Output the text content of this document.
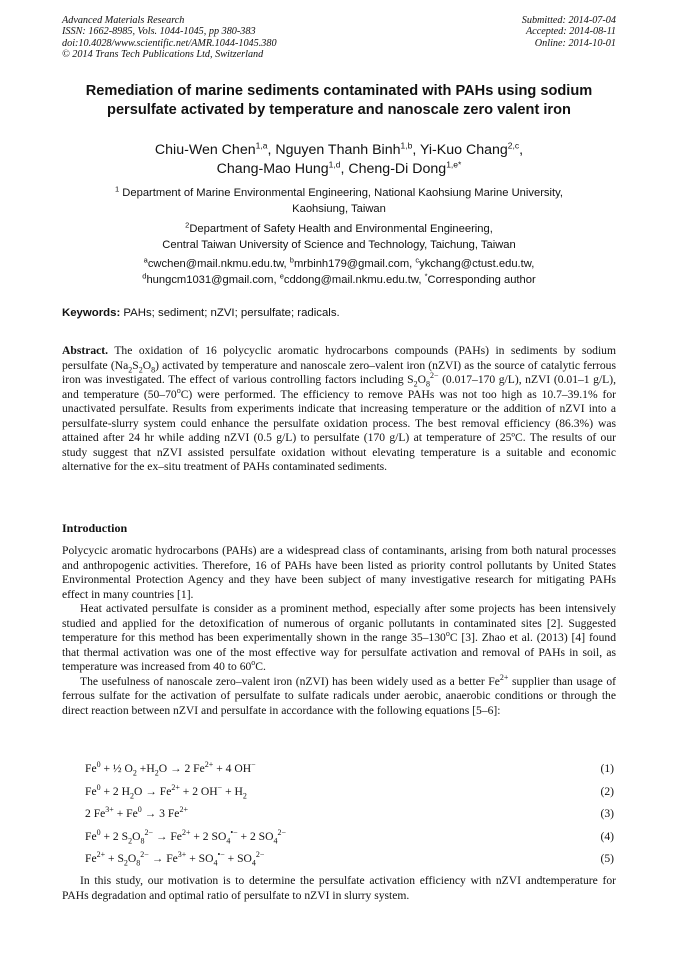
Advanced Materials Research
ISSN: 1662-8985, Vols. 1044-1045, pp 380-383
doi:10.4028/www.scientific.net/AMR.1044-1045.380
© 2014 Trans Tech Publications Ltd, Switzerland
Submitted: 2014-07-04
Accepted: 2014-08-11
Online: 2014-10-01
Remediation of marine sediments contaminated with PAHs using sodium persulfate activated by temperature and nanoscale zero valent iron
Chiu-Wen Chen$^{1,a}$, Nguyen Thanh Binh$^{1,b}$, Yi-Kuo Chang$^{2,c}$,
Chang-Mao Hung$^{1,d}$, Cheng-Di Dong$^{1,e*}$
$^1$ Department of Marine Environmental Engineering, National Kaohsiung Marine University,
Kaohsiung, Taiwan
$^2$Department of Safety Health and Environmental Engineering,
Central Taiwan University of Science and Technology, Taichung, Taiwan
$^a$cwchen@mail.nkmu.edu.tw, $^b$mrbinh179@gmail.com, $^c$ykchang@ctust.edu.tw,
$^d$hungcm1031@gmail.com, $^e$cddong@mail.nkmu.edu.tw, *Corresponding author
Keywords: PAHs; sediment; nZVI; persulfate; radicals.
Abstract. The oxidation of 16 polycyclic aromatic hydrocarbons compounds (PAHs) in sediments by sodium persulfate $(Na_2S_2O_8)$ activated by temperature and nanoscale zero–valent iron (nZVI) as the source of catalytic ferrous iron was investigated. The effect of various controlling factors including $S_2O_8^{2-}$ (0.017–170 g/L), nZVI (0.01–1 g/L), and temperature (50–70$^o$C) were performed. The efficiency to remove PAHs was not too high as 10.7–39.1% for unactivated persulfate. Results from experiments indicate that increasing temperature or the addition of nZVI into a persulfate-slurry system could enhance the persulfate oxidation process. The best removal efficiency (86.3%) was attained after 24 hr while adding nZVI (0.5 g/L) to persulfate (170 g/L) at temperature of 25ºC. The results of our study suggest that nZVI assisted persulfate oxidation without elevating temperature is a suitable and economic alternative for the ex–situ treatment of PAHs contaminated sediments.
Introduction

Polycycic aromatic hydrocarbons (PAHs) are a widespread class of contaminants, arising from both natural processes and anthropogenic activities. Therefore, 16 of PAHs have been listed as priority control pollutants by United States Environmental Protection Agency and they have been subject of many investigative research for mitigating PAHs effect in many countries [1].

Heat activated persulfate is consider as a prominent method, especially after some projects has been intensively studied and applied for the detoxification of numerous of organic pollutants in contaminated sites [2]. Suggested temperature for this method has been experimentally shown in the range 35–130$^o$C [3]. Zhao et al. (2013) [4] found that thermal activation was one of the most effective way for persulfate activation and removal of PAHs in soil, as temperature was increased from 40 to 60$^o$C.

The usefulness of nanoscale zero–valent iron (nZVI) has been widely used as a better $Fe^{2+}$ supplier than usage of ferrous sulfate for the activation of persulfate to sulfate radicals under aerobic, anaerobic conditions or through the direct reaction between nZVI and persulfate in accordance with the following equations [5–6]:

$Fe^0$ + ½ $O_2 +H_2O \to 2$ $Fe^{2+} + 4$ OH−	(1)
$Fe^0 + 2$ $H_2O \to Fe^{2+} + 2$ $OH^- + H_2$	(2)
2 $Fe^{3+} + Fe^0 \to 3$ $Fe^{2+}$	(3)
$Fe^0 + 2$ $S_2O_8^{2-} \to Fe^{2+} + 2$ $SO_4^{•-} + 2$ $SO_4^{2-}$	(4)
$Fe^{2+} + S_2O_8^{2-} \to Fe^{3+} + SO_4^{•-} + SO_4^{2-}$	(5)
In this study, our motivation is to determine the persulfate activation efficiency with nZVI andtemperature for PAHs degradation and optimal ratio of persulfate to nZVI in slurry system.
